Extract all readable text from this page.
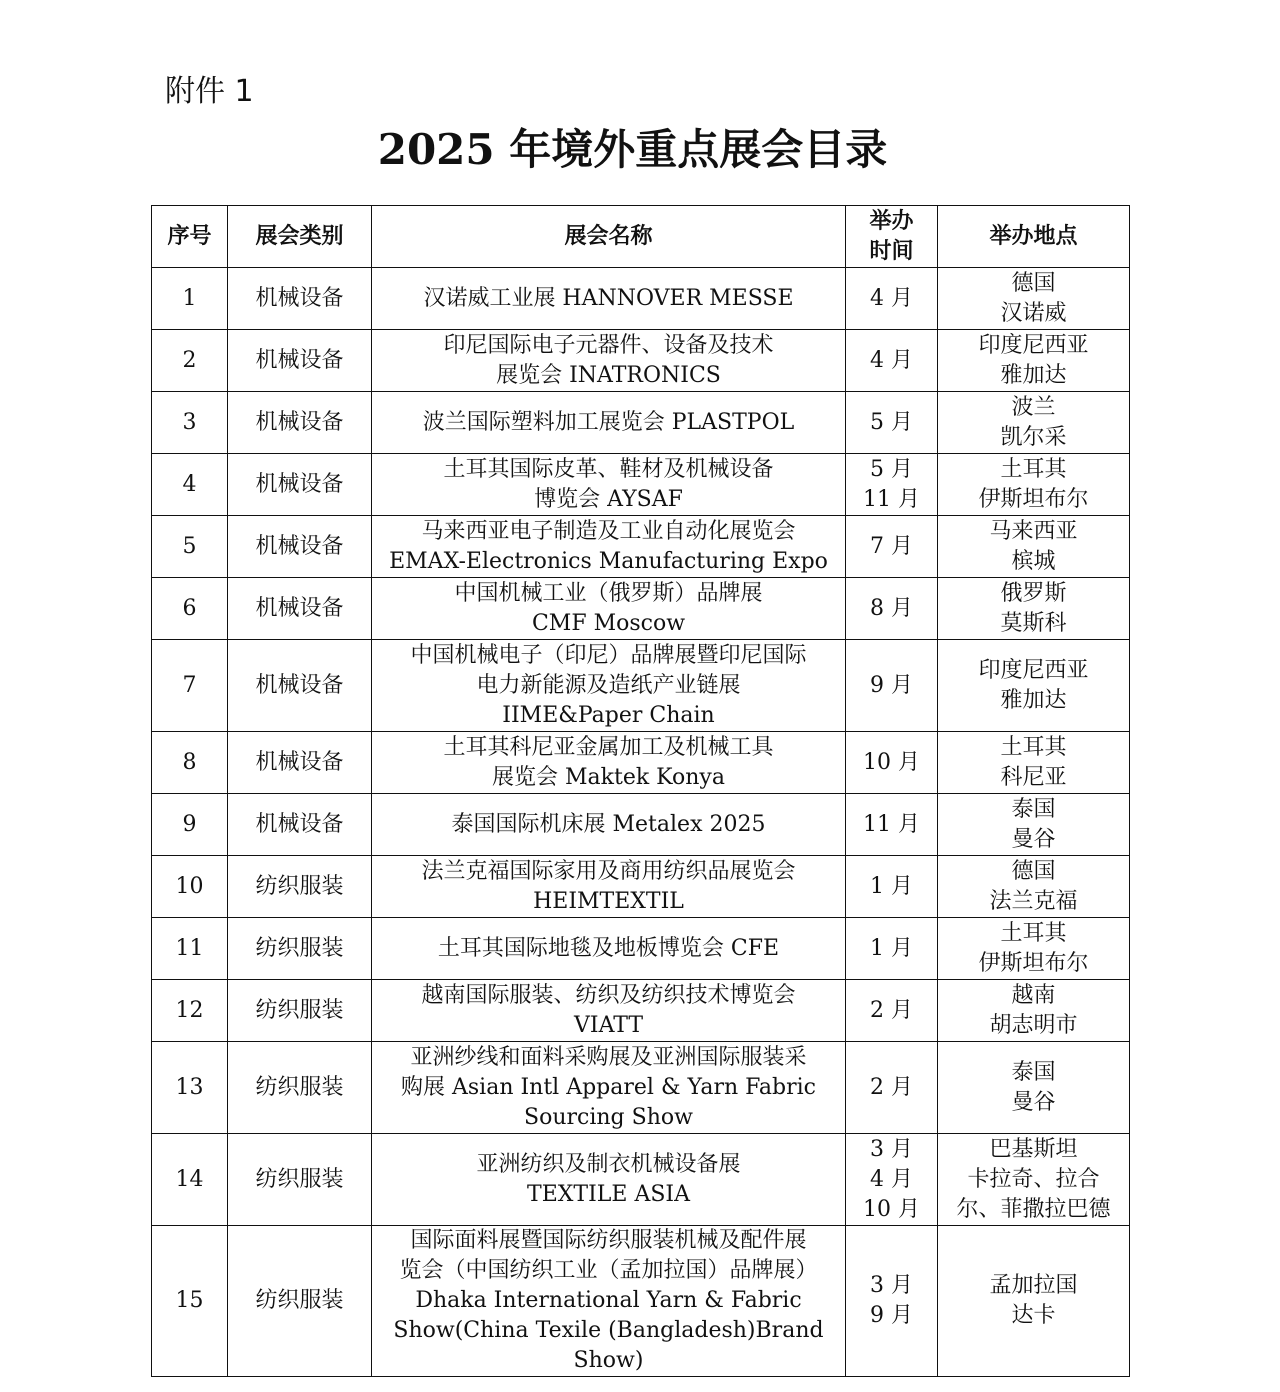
附件 1
2025 年境外重点展会目录
序号	展会类别	展会名称	举办
时间	举办地点
1	机械设备	汉诺威工业展 HANNOVER MESSE	4 月	德国
汉诺威

2	机械设备	印尼国际电子元器件、设备及技术
展览会 INATRONICS	4 月	印度尼西亚
雅加达

3	机械设备	波兰国际塑料加工展览会 PLASTPOL	5 月	波兰
凯尔采

4	机械设备	土耳其国际皮革、鞋材及机械设备
博览会 AYSAF	5 月
11 月	土耳其
伊斯坦布尔

5	机械设备	马来西亚电子制造及工业自动化展览会
EMAX-Electronics Manufacturing Expo	7 月	马来西亚
槟城

6	机械设备	中国机械工业（俄罗斯）品牌展
CMF Moscow	8 月	俄罗斯
莫斯科

7	机械设备	中国机械电子（印尼）品牌展暨印尼国际
电力新能源及造纸产业链展
IIME&Paper Chain	9 月	印度尼西亚
雅加达

8	机械设备	土耳其科尼亚金属加工及机械工具
展览会 Maktek Konya	10 月	土耳其
科尼亚

9	机械设备	泰国国际机床展 Metalex 2025	11 月	泰国
曼谷

10	纺织服装	法兰克福国际家用及商用纺织品展览会
HEIMTEXTIL	1 月	德国
法兰克福

11	纺织服装	土耳其国际地毯及地板博览会 CFE	1 月	土耳其
伊斯坦布尔

12	纺织服装	越南国际服装、纺织及纺织技术博览会
VIATT	2 月	越南
胡志明市

13	纺织服装	亚洲纱线和面料采购展及亚洲国际服装采
购展 Asian Intl Apparel & Yarn Fabric
Sourcing Show	2 月	泰国
曼谷

14	纺织服装	亚洲纺织及制衣机械设备展
TEXTILE ASIA	3 月
4 月
10 月	巴基斯坦
卡拉奇、拉合
尔、菲撒拉巴德

15	纺织服装	国际面料展暨国际纺织服装机械及配件展
览会（中国纺织工业（孟加拉国）品牌展）
Dhaka International Yarn & Fabric
Show(China Texile (Bangladesh)Brand
Show)	3 月
9 月	孟加拉国
达卡
